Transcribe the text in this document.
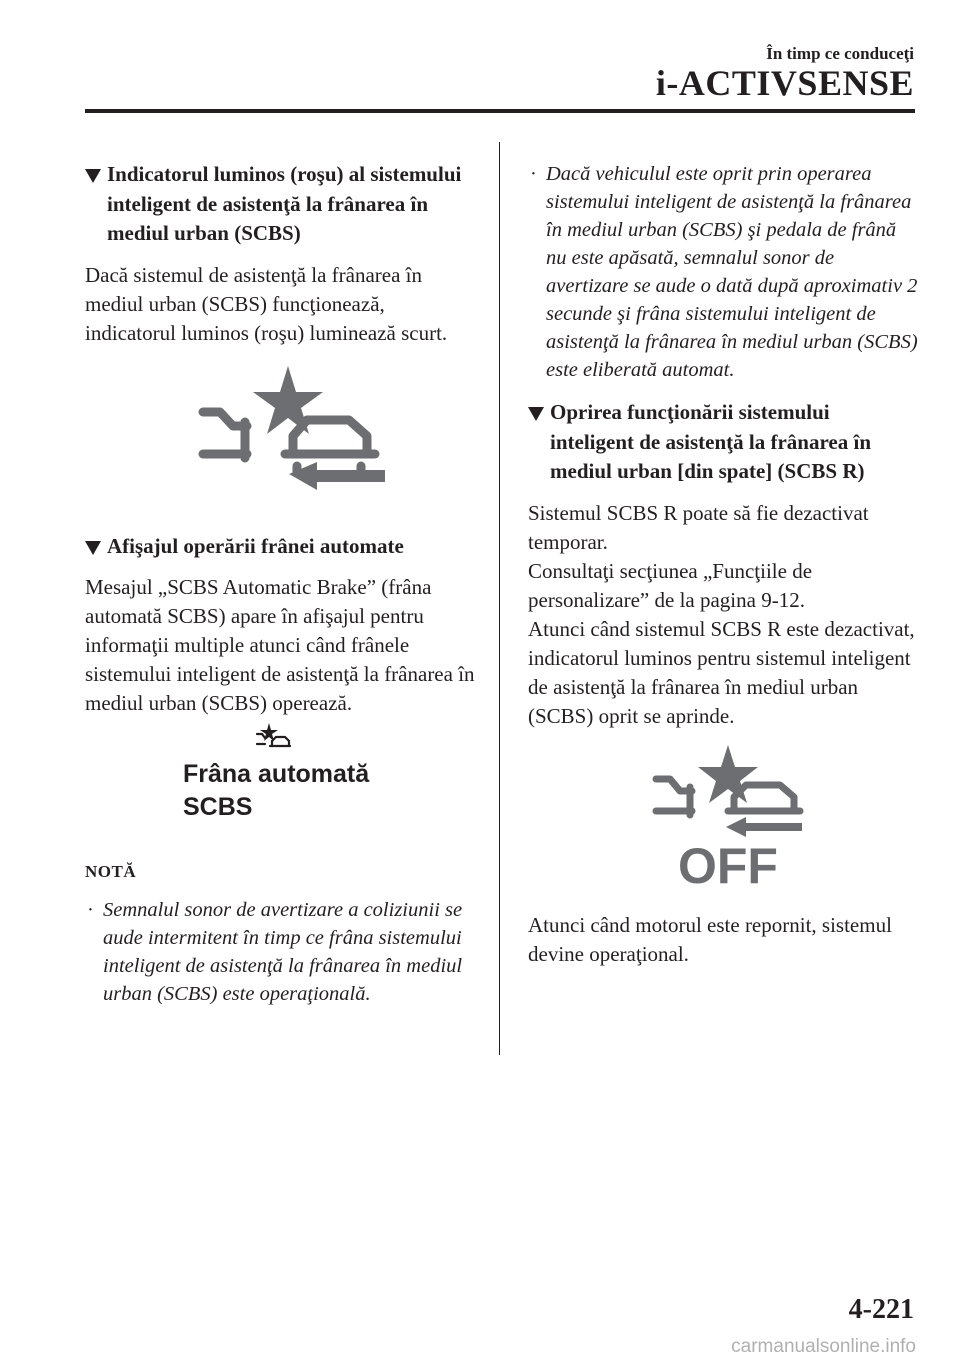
În timp ce conduceţi
i-ACTIVSENSE
Indicatorul luminos (roşu) al sistemului inteligent de asistenţă la frânarea în mediul urban (SCBS)

Dacă sistemul de asistenţă la frânarea în mediul urban (SCBS) funcţionează, indicatorul luminos (roşu) luminează scurt.

Afişajul operării frânei automate

Mesajul „SCBS Automatic Brake” (frâna automată SCBS) apare în afişajul pentru informaţii multiple atunci când frânele sistemului inteligent de asistenţă la frânarea în mediul urban (SCBS) operează.

Frâna automată
SCBS
NOTĂ
· Semnalul sonor de avertizare a coliziunii se aude intermitent în timp ce frâna sistemului inteligent de asistenţă la frânarea în mediul urban (SCBS) este operaţională.
· Dacă vehiculul este oprit prin operarea sistemului inteligent de asistenţă la frânarea în mediul urban (SCBS) şi pedala de frână nu este apăsată, semnalul sonor de avertizare se aude o dată după aproximativ 2 secunde şi frâna sistemului inteligent de asistenţă la frânarea în mediul urban (SCBS) este eliberată automat.
Oprirea funcţionării sistemului inteligent de asistenţă la frânarea în mediul urban [din spate] (SCBS R)

Sistemul SCBS R poate să fie dezactivat temporar.

Consultaţi secţiunea „Funcţiile de personalizare” de la pagina 9-12.

Atunci când sistemul SCBS R este dezactivat, indicatorul luminos pentru sistemul inteligent de asistenţă la frânarea în mediul urban (SCBS) oprit se aprinde.

OFF

Atunci când motorul este repornit, sistemul devine operaţional.

4-221
carmanualsonline.info
